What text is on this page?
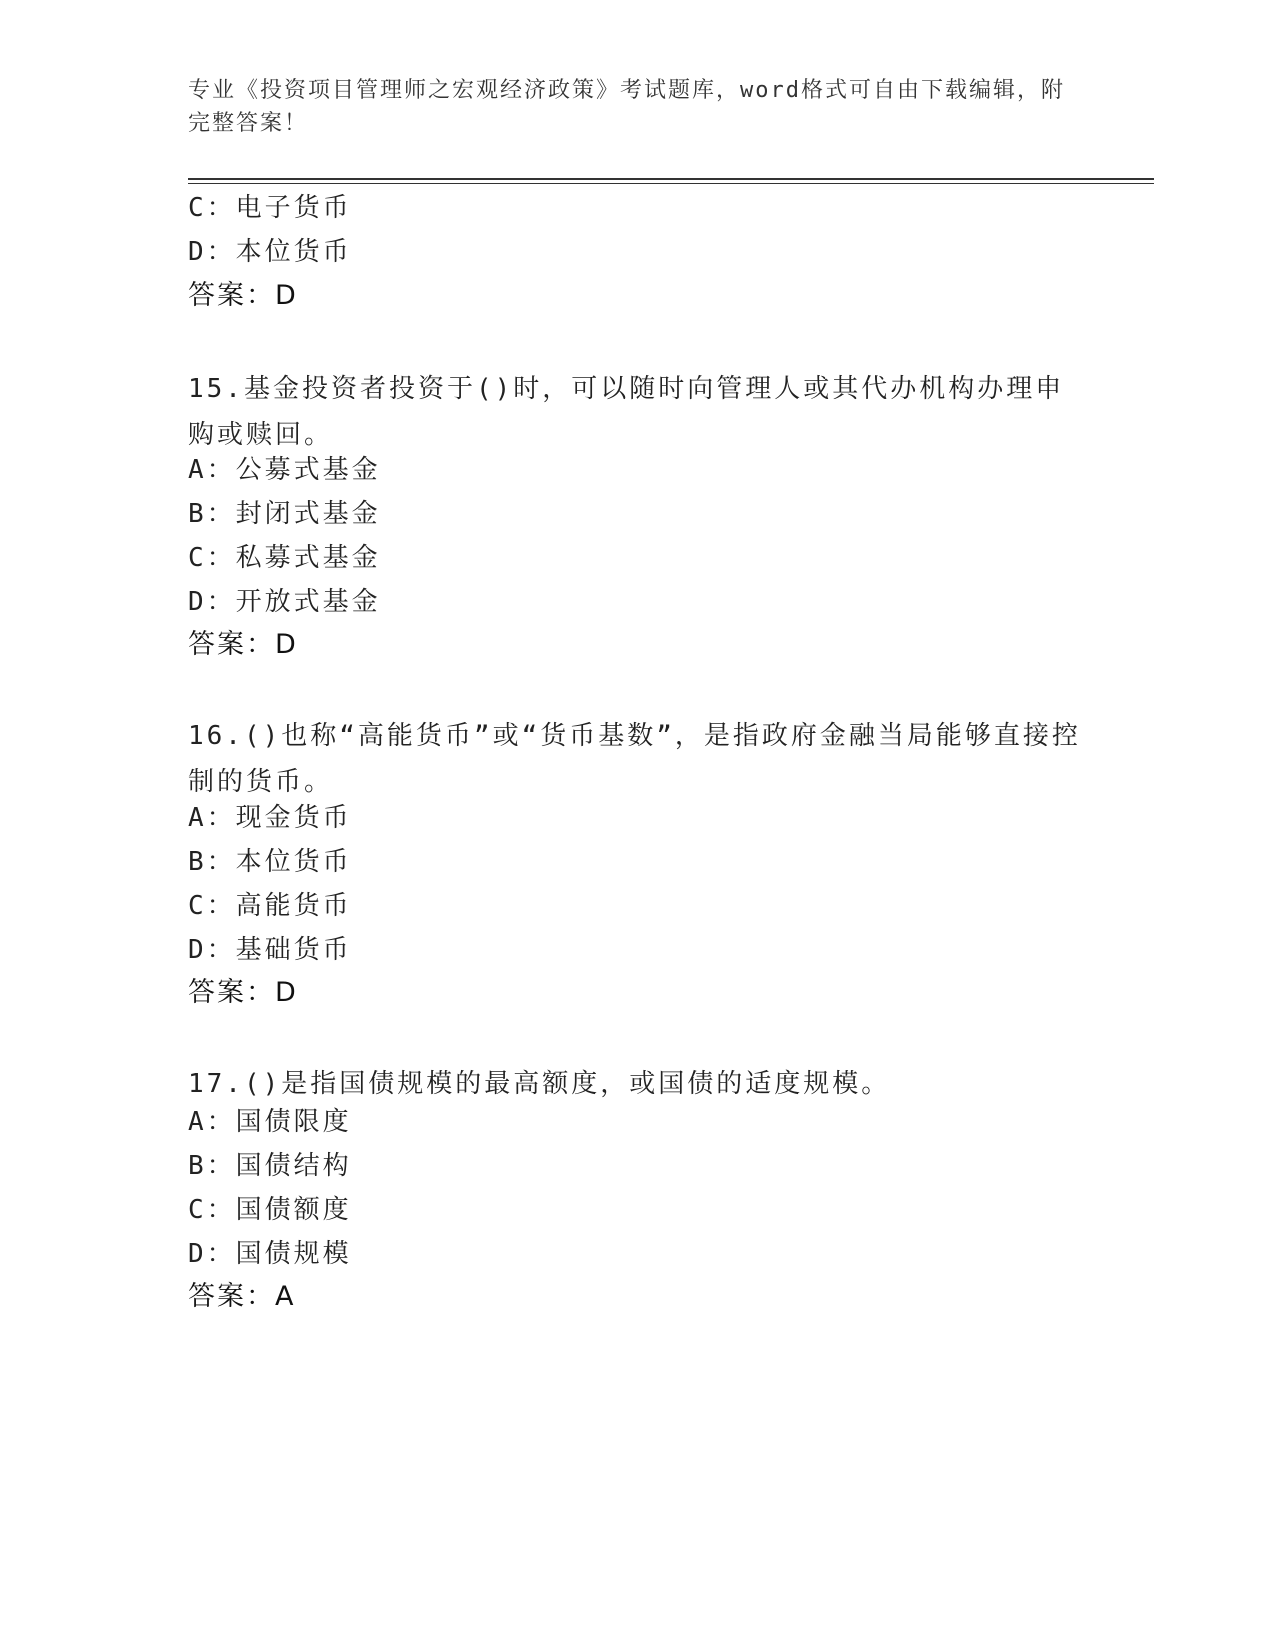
专业《投资项目管理师之宏观经济政策》考试题库，word格式可自由下载编辑，附完整答案！
C：电子货币
D：本位货币
答案：D
15.基金投资者投资于()时，可以随时向管理人或其代办机构办理申购或赎回。
A：公募式基金
B：封闭式基金
C：私募式基金
D：开放式基金
答案：D
16.()也称“高能货币”或“货币基数”，是指政府金融当局能够直接控制的货币。
A：现金货币
B：本位货币
C：高能货币
D：基础货币
答案：D
17.()是指国债规模的最高额度，或国债的适度规模。
A：国债限度
B：国债结构
C：国债额度
D：国债规模
答案：A
